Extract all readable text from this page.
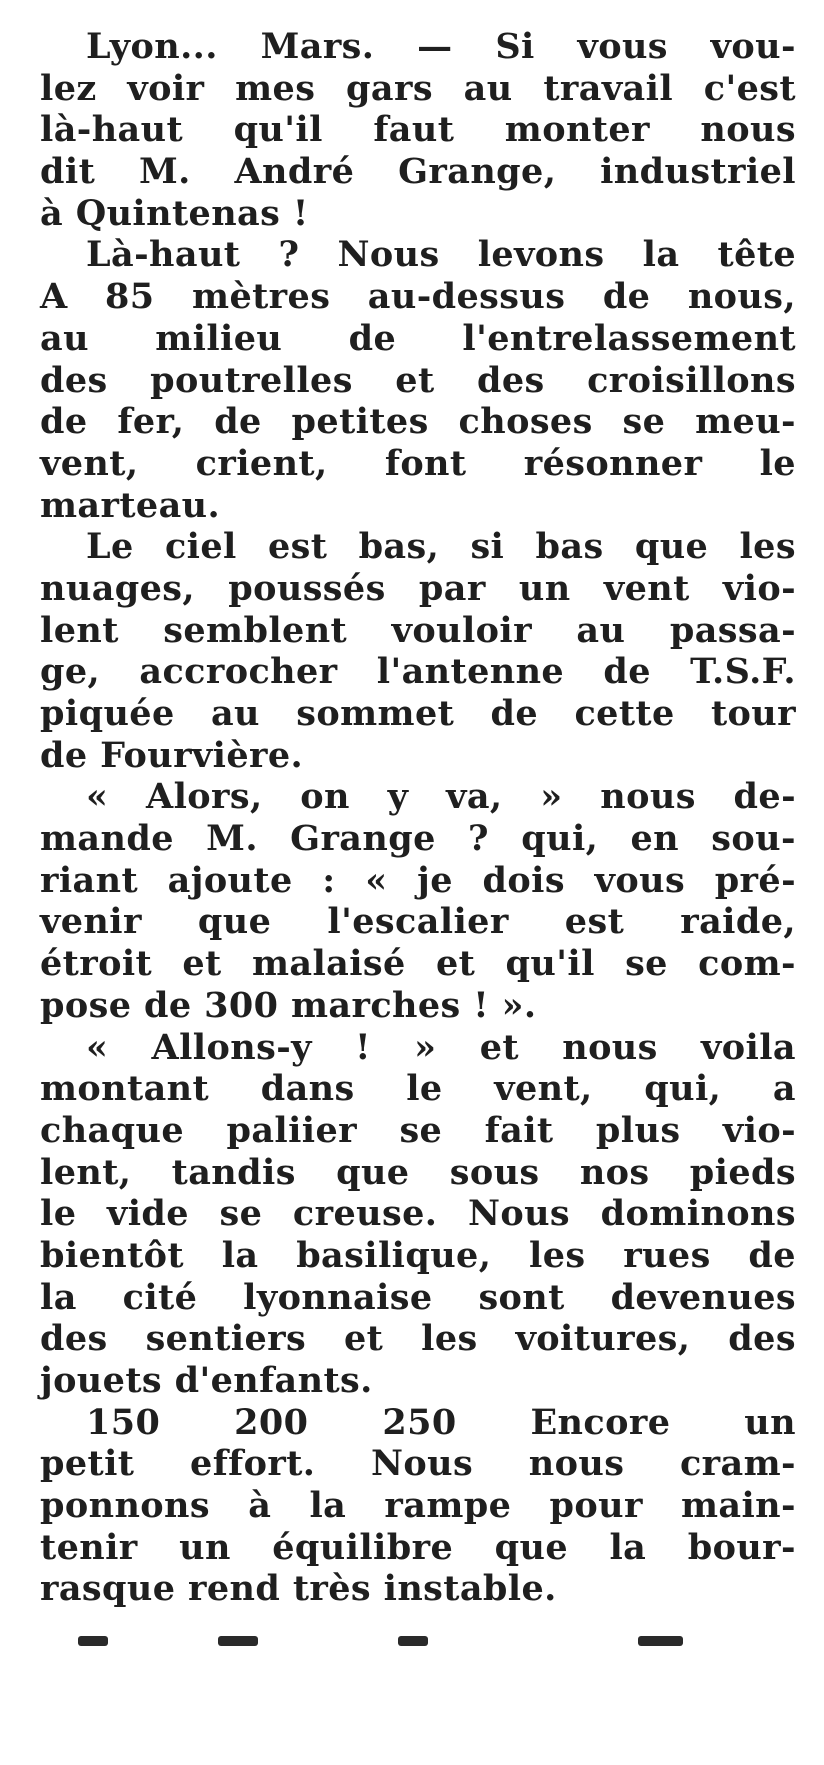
Lyon... Mars. — Si vous vou-
lez voir mes gars au travail c'est
là-haut qu'il faut monter nous
dit M. André Grange, industriel
à Quintenas !
Là-haut ? Nous levons la tête
A 85 mètres au-dessus de nous,
au milieu de l'entrelassement
des poutrelles et des croisillons
de fer, de petites choses se meu-
vent, crient, font résonner le
marteau.
Le ciel est bas, si bas que les
nuages, poussés par un vent vio-
lent semblent vouloir au passa-
ge, accrocher l'antenne de T.S.F.
piquée au sommet de cette tour
de Fourvière.
« Alors, on y va, » nous de-
mande M. Grange ? qui, en sou-
riant ajoute : « je dois vous pré-
venir que l'escalier est raide,
étroit et malaisé et qu'il se com-
pose de 300 marches ! ».
« Allons-y ! » et nous voila
montant dans le vent, qui, a
chaque paliier se fait plus vio-
lent, tandis que sous nos pieds
le vide se creuse. Nous dominons
bientôt la basilique, les rues de
la cité lyonnaise sont devenues
des sentiers et les voitures, des
jouets d'enfants.
150 200 250 Encore un
petit effort. Nous nous cram-
ponnons à la rampe pour main-
tenir un équilibre que la bour-
rasque rend très instable.
